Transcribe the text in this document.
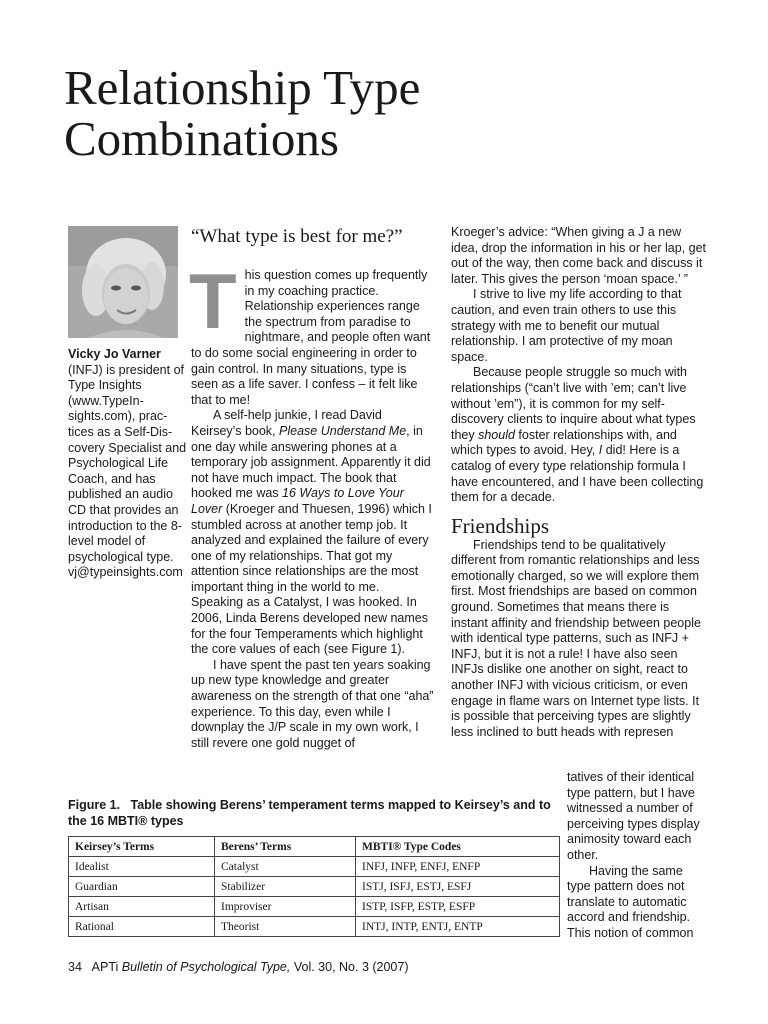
Relationship Type
Combinations
Vicky Jo Varner
(INFJ) is president of Type Insights (www.TypeInsights.com), practices as a Self-Discovery Specialist and Psychological Life Coach, and has published an audio CD that provides an introduction to the 8-level model of psychological type. vj@typeinsights.com
“What type is best for me?”

This question comes up frequently in my coaching practice. Relationship experiences range the spectrum from paradise to nightmare, and people often want to do some social engineering in order to gain control. In many situations, type is seen as a life saver. I confess – it felt like that to me!

A self-help junkie, I read David Keirsey’s book, Please Understand Me, in one day while answering phones at a temporary job assignment. Apparently it did not have much impact. The book that hooked me was 16 Ways to Love Your Lover (Kroeger and Thuesen, 1996) which I stumbled across at another temp job. It analyzed and explained the failure of every one of my relationships. That got my attention since relationships are the most important thing in the world to me. Speaking as a Catalyst, I was hooked. In 2006, Linda Berens developed new names for the four Temperaments which highlight the core values of each (see Figure 1).

I have spent the past ten years soaking up new type knowledge and greater awareness on the strength of that one “aha” experience. To this day, even while I downplay the J/P scale in my own work, I still revere one gold nugget of

Kroeger’s advice: “When giving a J a new idea, drop the information in his or her lap, get out of the way, then come back and discuss it later. This gives the person ‘moan space.’ ”

I strive to live my life according to that caution, and even train others to use this strategy with me to benefit our mutual relationship. I am protective of my moan space.

Because people struggle so much with relationships (“can’t live with ’em; can’t live without ’em”), it is common for my self-discovery clients to inquire about what types they should foster relationships with, and which types to avoid. Hey, I did! Here is a catalog of every type relationship formula I have encountered, and I have been collecting them for a decade.

Friendships

Friendships tend to be qualitatively different from romantic relationships and less emotionally charged, so we will explore them first. Most friendships are based on common ground. Sometimes that means there is instant affinity and friendship between people with identical type patterns, such as INFJ + INFJ, but it is not a rule! I have also seen INFJs dislike one another on sight, react to another INFJ with vicious criticism, or even engage in flame wars on Internet type lists. It is possible that perceiving types are slightly less inclined to butt heads with represen

tatives of their identical type pattern, but I have witnessed a number of perceiving types display animosity toward each other.

Having the same type pattern does not translate to automatic accord and friendship. This notion of common

Figure 1. Table showing Berens’ temperament terms mapped to Keirsey’s and to the 16 MBTI® types
Keirsey’s Terms	Berens’ Terms	MBTI® Type Codes
Idealist	Catalyst	INFJ, INFP, ENFJ, ENFP
Guardian	Stabilizer	ISTJ, ISFJ, ESTJ, ESFJ
Artisan	Improviser	ISTP, ISFP, ESTP, ESFP
Rational	Theorist	INTJ, INTP, ENTJ, ENTP
34 APTi Bulletin of Psychological Type, Vol. 30, No. 3 (2007)
